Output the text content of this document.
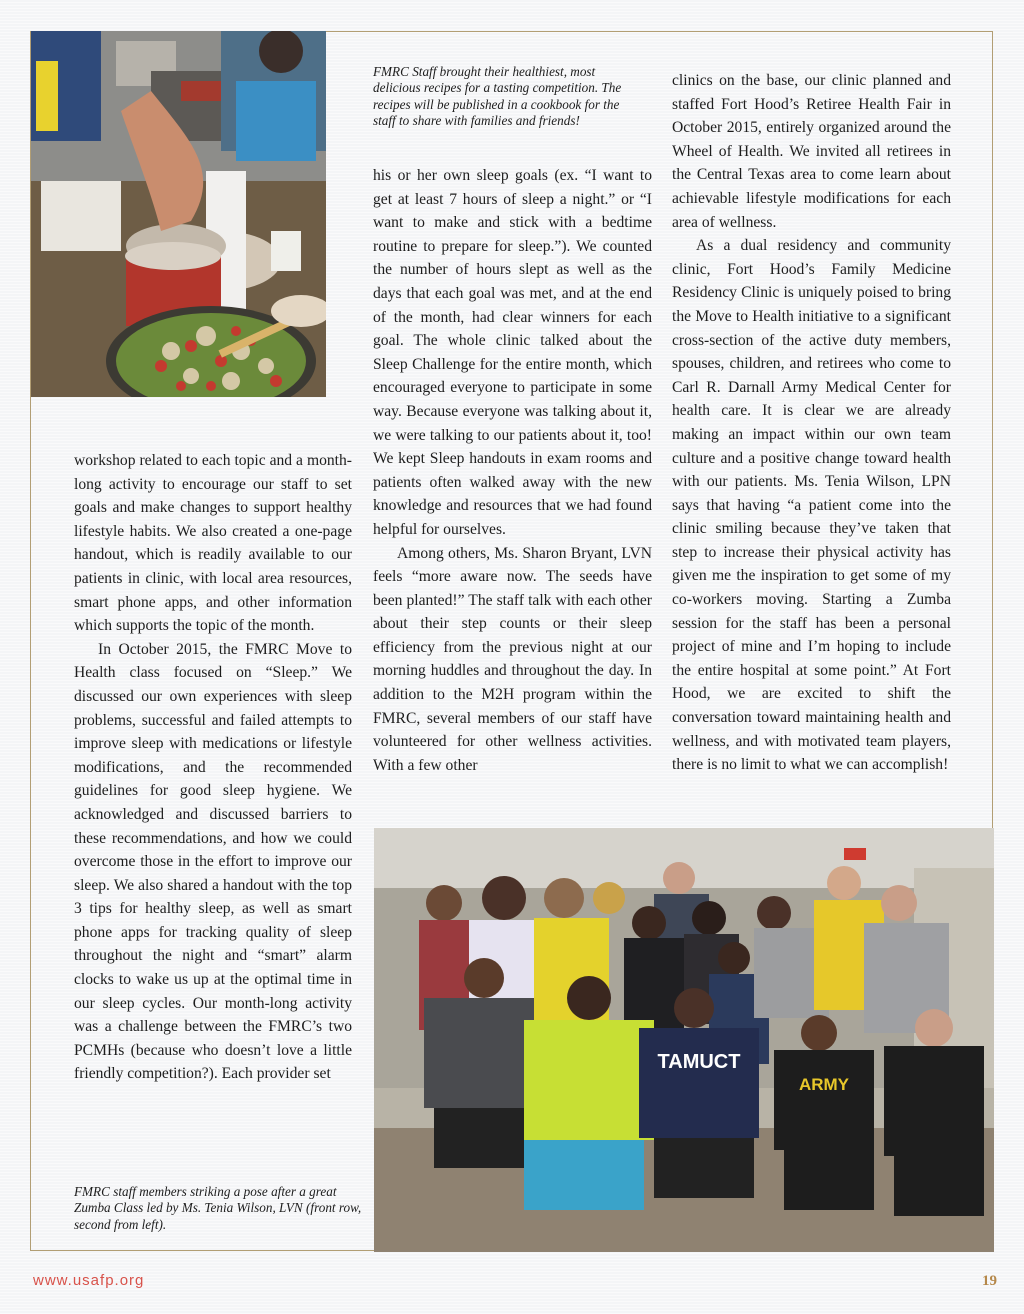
FMRC Staff brought their healthiest, most delicious recipes for a tasting competition. The recipes will be published in a cookbook for the staff to share with families and friends!

workshop related to each topic and a month-long activity to encourage our staff to set goals and make changes to support healthy lifestyle habits. We also created a one-page handout, which is readily available to our patients in clinic, with local area resources, smart phone apps, and other information which supports the topic of the month.

In October 2015, the FMRC Move to Health class focused on “Sleep.” We discussed our own experiences with sleep problems, successful and failed attempts to improve sleep with medications or lifestyle modifications, and the recommended guidelines for good sleep hygiene. We acknowledged and discussed barriers to these recommendations, and how we could overcome those in the effort to improve our sleep. We also shared a handout with the top 3 tips for healthy sleep, as well as smart phone apps for tracking quality of sleep throughout the night and “smart” alarm clocks to wake us up at the optimal time in our sleep cycles. Our month-long activity was a challenge between the FMRC’s two PCMHs (because who doesn’t love a little friendly competition?). Each provider set

his or her own sleep goals (ex. “I want to get at least 7 hours of sleep a night.” or “I want to make and stick with a bedtime routine to prepare for sleep.”). We counted the number of hours slept as well as the days that each goal was met, and at the end of the month, had clear winners for each goal. The whole clinic talked about the Sleep Challenge for the entire month, which encouraged everyone to participate in some way. Because everyone was talking about it, we were talking to our patients about it, too! We kept Sleep handouts in exam rooms and patients often walked away with the new knowledge and resources that we had found helpful for ourselves.

Among others, Ms. Sharon Bryant, LVN feels “more aware now. The seeds have been planted!” The staff talk with each other about their step counts or their sleep efficiency from the previous night at our morning huddles and throughout the day. In addition to the M2H program within the FMRC, several members of our staff have volunteered for other wellness activities. With a few other

clinics on the base, our clinic planned and staffed Fort Hood’s Retiree Health Fair in October 2015, entirely organized around the Wheel of Health. We invited all retirees in the Central Texas area to come learn about achievable lifestyle modifications for each area of wellness.

As a dual residency and community clinic, Fort Hood’s Family Medicine Residency Clinic is uniquely poised to bring the Move to Health initiative to a significant cross-section of the active duty members, spouses, children, and retirees who come to Carl R. Darnall Army Medical Center for health care. It is clear we are already making an impact within our own team culture and a positive change toward health with our patients. Ms. Tenia Wilson, LPN says that having “a patient come into the clinic smiling because they’ve taken that step to increase their physical activity has given me the inspiration to get some of my co-workers moving. Starting a Zumba session for the staff has been a personal project of mine and I’m hoping to include the entire hospital at some point.” At Fort Hood, we are excited to shift the conversation toward maintaining health and wellness, and with motivated team players, there is no limit to what we can accomplish!

TAMUCT
ARMY
FMRC staff members striking a pose after a great Zumba Class led by Ms. Tenia Wilson, LVN (front row, second from left).
www.usafp.org	19
